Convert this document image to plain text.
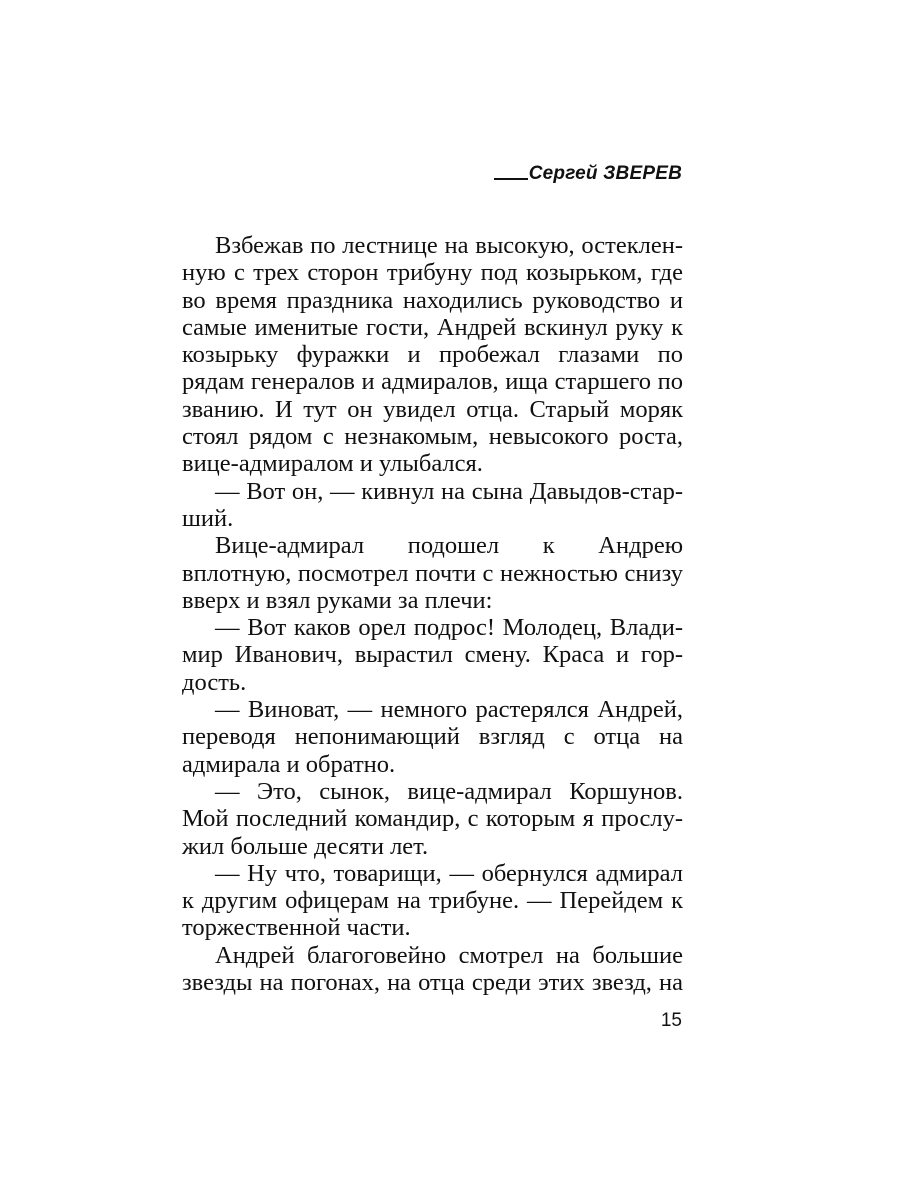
Сергей ЗВЕРЕВ

Взбежав по лестнице на высокую, остекленную с трех сторон трибуну под козырьком, где во время праздника находились руководство и самые именитые гости, Андрей вскинул руку к козырьку фуражки и пробежал глазами по рядам генералов и адмиралов, ища старшего по званию. И тут он увидел отца. Старый моряк стоял рядом с незнакомым, невысокого роста, вице-адмиралом и улыбался.

— Вот он, — кивнул на сына Давыдов-старший.

Вице-адмирал подошел к Андрею вплотную, посмотрел почти с нежностью снизу вверх и взял руками за плечи:

— Вот каков орел подрос! Молодец, Владимир Иванович, вырастил смену. Краса и гордость.

— Виноват, — немного растерялся Андрей, переводя непонимающий взгляд с отца на адмирала и обратно.

— Это, сынок, вице-адмирал Коршунов. Мой последний командир, с которым я прослужил больше десяти лет.

— Ну что, товарищи, — обернулся адмирал к другим офицерам на трибуне. — Перейдем к торжественной части.

Андрей благоговейно смотрел на большие звезды на погонах, на отца среди этих звезд, на

15
